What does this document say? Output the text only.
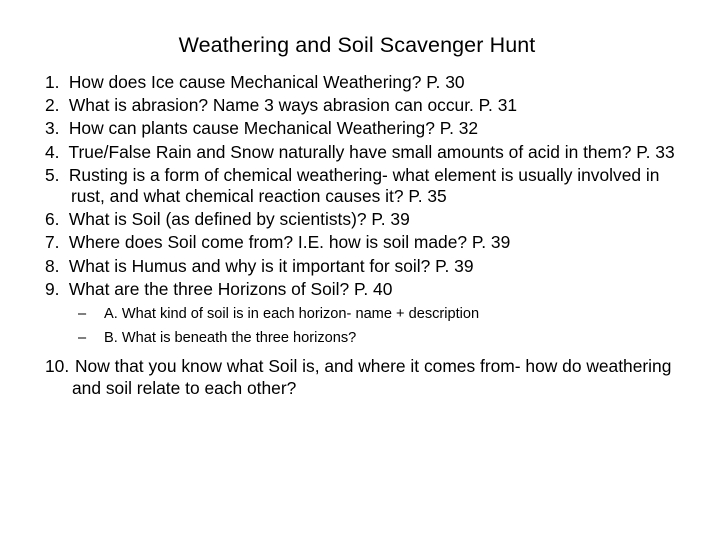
Weathering and Soil Scavenger Hunt
1. How does Ice cause Mechanical Weathering? P. 30
2. What is abrasion? Name 3 ways abrasion can occur. P. 31
3. How can plants cause Mechanical Weathering? P. 32
4. True/False Rain and Snow naturally have small amounts of acid in them? P. 33
5. Rusting is a form of chemical weathering- what element is usually involved in rust, and what chemical reaction causes it? P. 35
6. What is Soil (as defined by scientists)? P. 39
7. Where does Soil come from? I.E. how is soil made? P. 39
8. What is Humus and why is it important for soil? P. 39
9. What are the three Horizons of Soil? P. 40
– A. What kind of soil is in each horizon- name + description
– B. What is beneath the three horizons?
10. Now that you know what Soil is, and where it comes from- how do weathering and soil relate to each other?
